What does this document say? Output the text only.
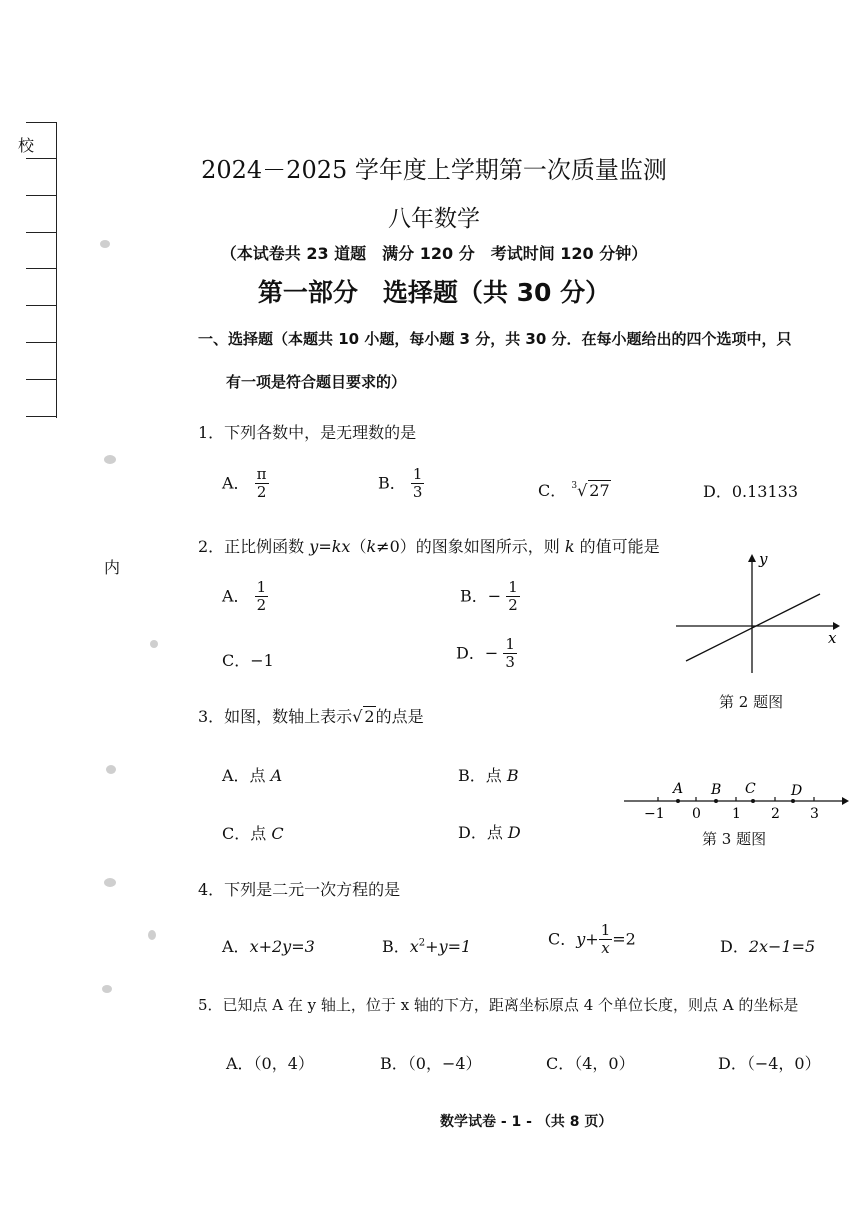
校
内
2024－2025 学年度上学期第一次质量监测
八年数学
（本试卷共 23 道题　满分 120 分　考试时间 120 分钟）
第一部分　选择题（共 30 分）
一、选择题（本题共 10 小题，每小题 3 分，共 30 分．在每小题给出的四个选项中，只
有一项是符合题目要求的）
1．下列各数中，是无理数的是
A． $\frac{\pi}{2}$	B． $\frac{1}{3}$	C． $^3$√ 27	D．0.13133
2．正比例函数 y=kx（k≠0）的图象如图所示，则 k 的值可能是
A． $\frac{1}{2}$	B．− $\frac{1}{2}$
C．−1	D．− $\frac{1}{3}$	x
y
第 2 题图
3．如图，数轴上表示√ 2的点是
A．点 A	B．点 B
C．点 C	D．点 D
A B C	D
−1 0 1 2 3
第 3 题图
4．下列是二元一次方程的是
A．x+2y=3	B．$x^2+y=1$	C．$y+ \frac{1}{x} =2$	D．2x−1=5
5．已知点 A 在 y 轴上，位于 x 轴的下方，距离坐标原点 4 个单位长度，则点 A 的坐标是
A．（0，4）	B．（0，−4）	C．（4，0）	D．（−4，0）
数学试卷 - 1 - （共 8 页）
